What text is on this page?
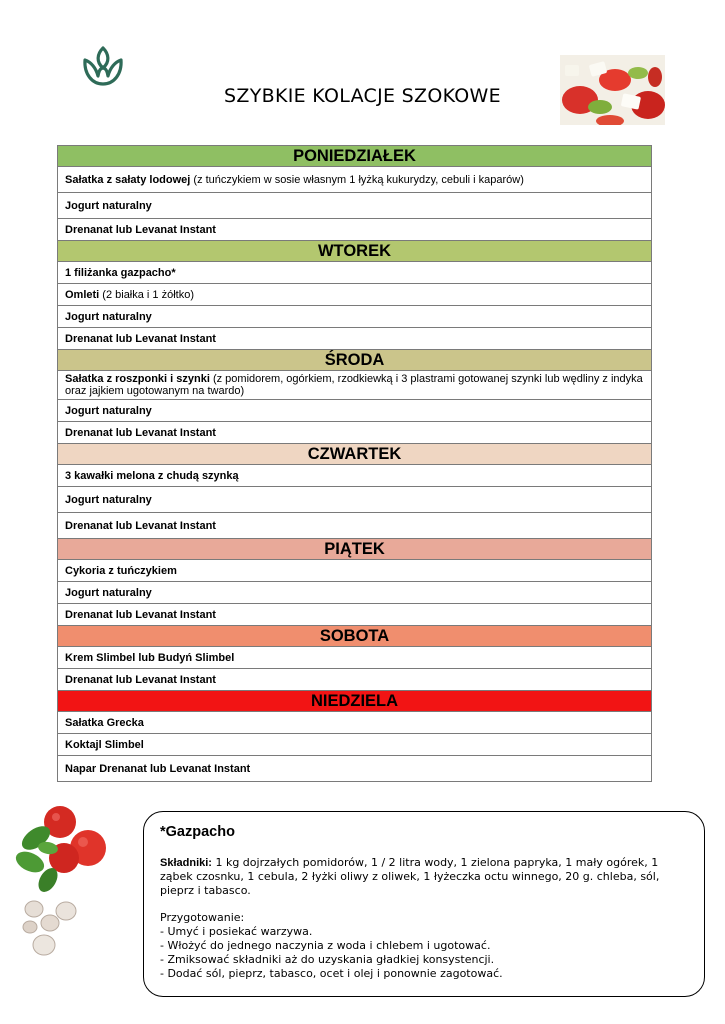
SZYBKIE KOLACJE SZOKOWE
PONIEDZIAŁEK
Sałatka z sałaty lodowej (z tuńczykiem w sosie własnym 1 łyżką kukurydzy, cebuli i kaparów)
Jogurt naturalny
Drenanat lub Levanat Instant
WTOREK
1 filiżanka gazpacho*
Omleti (2 białka i 1 żółtko)
Jogurt naturalny
Drenanat lub Levanat Instant
ŚRODA
Sałatka z roszponki i szynki (z pomidorem, ogórkiem, rzodkiewką i 3 plastrami gotowanej szynki lub wędliny z indyka oraz jajkiem ugotowanym na twardo)
Jogurt naturalny
Drenanat lub Levanat Instant
CZWARTEK
3 kawałki melona z chudą szynką
Jogurt naturalny
Drenanat lub Levanat Instant
PIĄTEK
Cykoria z tuńczykiem
Jogurt naturalny
Drenanat lub Levanat Instant
SOBOTA
Krem Slimbel lub Budyń Slimbel
Drenanat lub Levanat Instant
NIEDZIELA
Sałatka Grecka
Koktajl Slimbel
Napar Drenanat lub Levanat Instant
*Gazpacho

Składniki: 1 kg dojrzałych pomidorów, 1 / 2 litra wody, 1 zielona papryka, 1 mały ogórek, 1 ząbek czosnku, 1 cebula, 2 łyżki oliwy z oliwek, 1 łyżeczka octu winnego, 20 g. chleba, sól, pieprz i tabasco.

Przygotowanie:
- Umyć i posiekać warzywa.
- Włożyć do jednego naczynia z woda i chlebem i ugotować.
- Zmiksować składniki aż do uzyskania gładkiej konsystencji.
- Dodać sól, pieprz, tabasco, ocet i olej i ponownie zagotować.
